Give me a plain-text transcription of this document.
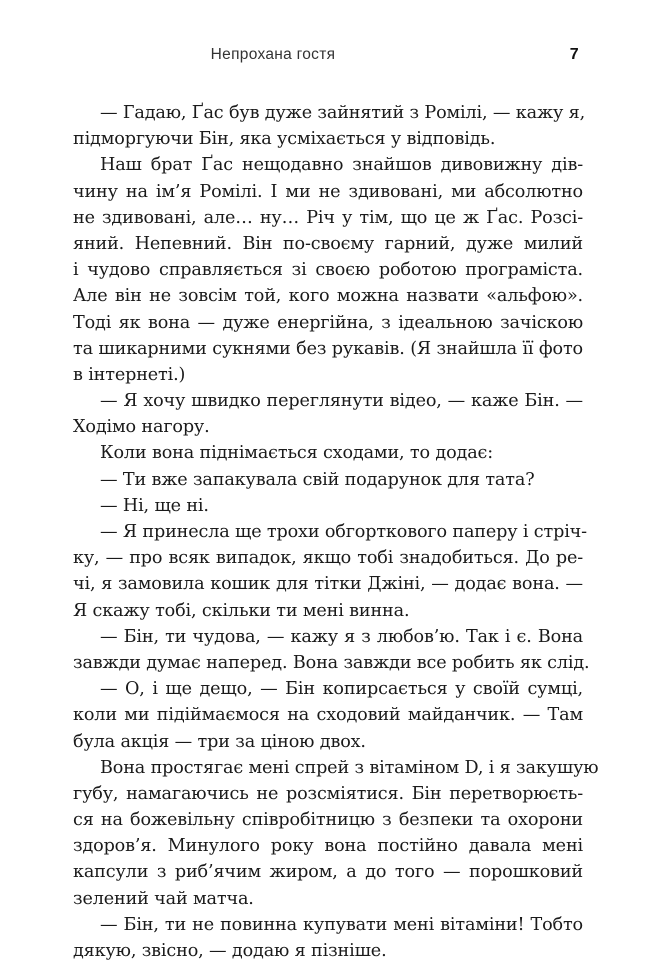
Непрохана гостя	7
— Гадаю, Ґас був дуже зайнятий з Ромілі, — кажу я,
підморгуючи Бін, яка усміхається у відповідь.
Наш брат Ґас нещодавно знайшов дивовижну дів-
чину на ім’я Ромілі. І ми не здивовані, ми абсолютно
не здивовані, але… ну… Річ у тім, що це ж Ґас. Розсі-
яний. Непевний. Він по-своєму гарний, дуже милий
і чудово справляється зі своєю роботою програміста.
Але він не зовсім той, кого можна назвати «альфою».
Тоді як вона — дуже енергійна, з ідеальною зачіскою
та шикарними сукнями без рукавів. (Я знайшла її фото
в інтернеті.)
— Я хочу швидко переглянути відео, — каже Бін. —
Ходімо нагору.
Коли вона піднімається сходами, то додає:
— Ти вже запакувала свій подарунок для тата?
— Ні, ще ні.
— Я принесла ще трохи обгорткового паперу і стріч-
ку, — про всяк випадок, якщо тобі знадобиться. До ре-
чі, я замовила кошик для тітки Джіні, — додає вона. —
Я скажу тобі, скільки ти мені винна.
— Бін, ти чудова, — кажу я з любов’ю. Так і є. Вона
завжди думає наперед. Вона завжди все робить як слід.
— О, і ще дещо, — Бін копирсається у своїй сумці,
коли ми підіймаємося на сходовий майданчик. — Там
була акція — три за ціною двох.
Вона простягає мені спрей з вітаміном D, і я закушую
губу, намагаючись не розсміятися. Бін перетворюєть-
ся на божевільну співробітницю з безпеки та охорони
здоров’я. Минулого року вона постійно давала мені
капсули з риб’ячим жиром, а до того — порошковий
зелений чай матча.
— Бін, ти не повинна купувати мені вітаміни! Тобто
дякую, звісно, — додаю я пізніше.
